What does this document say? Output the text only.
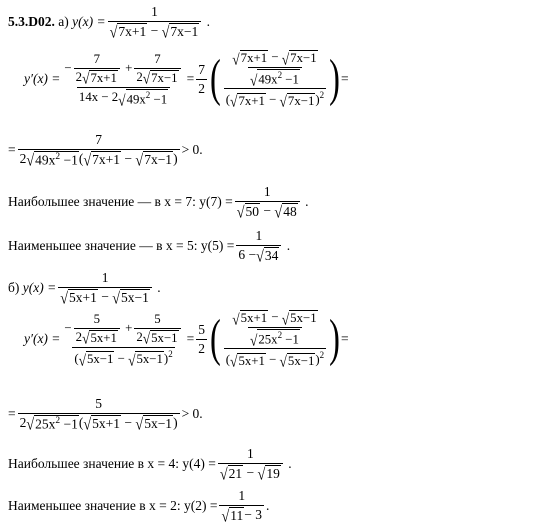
5.3.D02.
а)
$y(x) = \frac{1}{√ 7x+1 - √ 7x-1}$ .
$y'(x) = \frac{- \frac{7}{2 √ 7x+1} + \frac{7}{2 √ 7x-1}}{14x - 2 √ 49x^2 -1}$ =
7
2 ( $\frac{√ 7x+1 - √ 7x-1}{√ 49x^2 -1}$
( √ 7x+1 − √ 7x−1 )$^2$ ) =
=
7
2 √ $49x^2 -1$ ( √ 7x+1 − √ 7x−1 )
> 0.
Наибольшее значение — в x = 7: $y(7) = \frac{1}{√ 50 - √ 48}$ .
Наименьшее значение — в x = 5: $y(5) = \frac{1}{6 - √ 34}$ .
б)
$y(x) = \frac{1}{√ 5x+1 - √ 5x-1}$ .
$y'(x) = \frac{- \frac{5}{2 √ 5x+1} + \frac{5}{2 √ 5x-1}}{( √ 5x-1 - √ 5x-1 )^2}$ =
5
2 ( $\frac{√ 5x+1 - √ 5x-1}{√ 25x^2 -1}$
( √ 5x+1 − √ 5x−1 )$^2$ ) =
=
5
2 √ $25x^2 -1$ ( √ 5x+1 − √ 5x−1 )
> 0.
Наибольшее значение в x = 4: $y(4) = \frac{1}{√ 21 - √ 19}$ .
Наименьшее значение в x = 2: $y(2) = \frac{1}{√ 11 - 3}$ .
